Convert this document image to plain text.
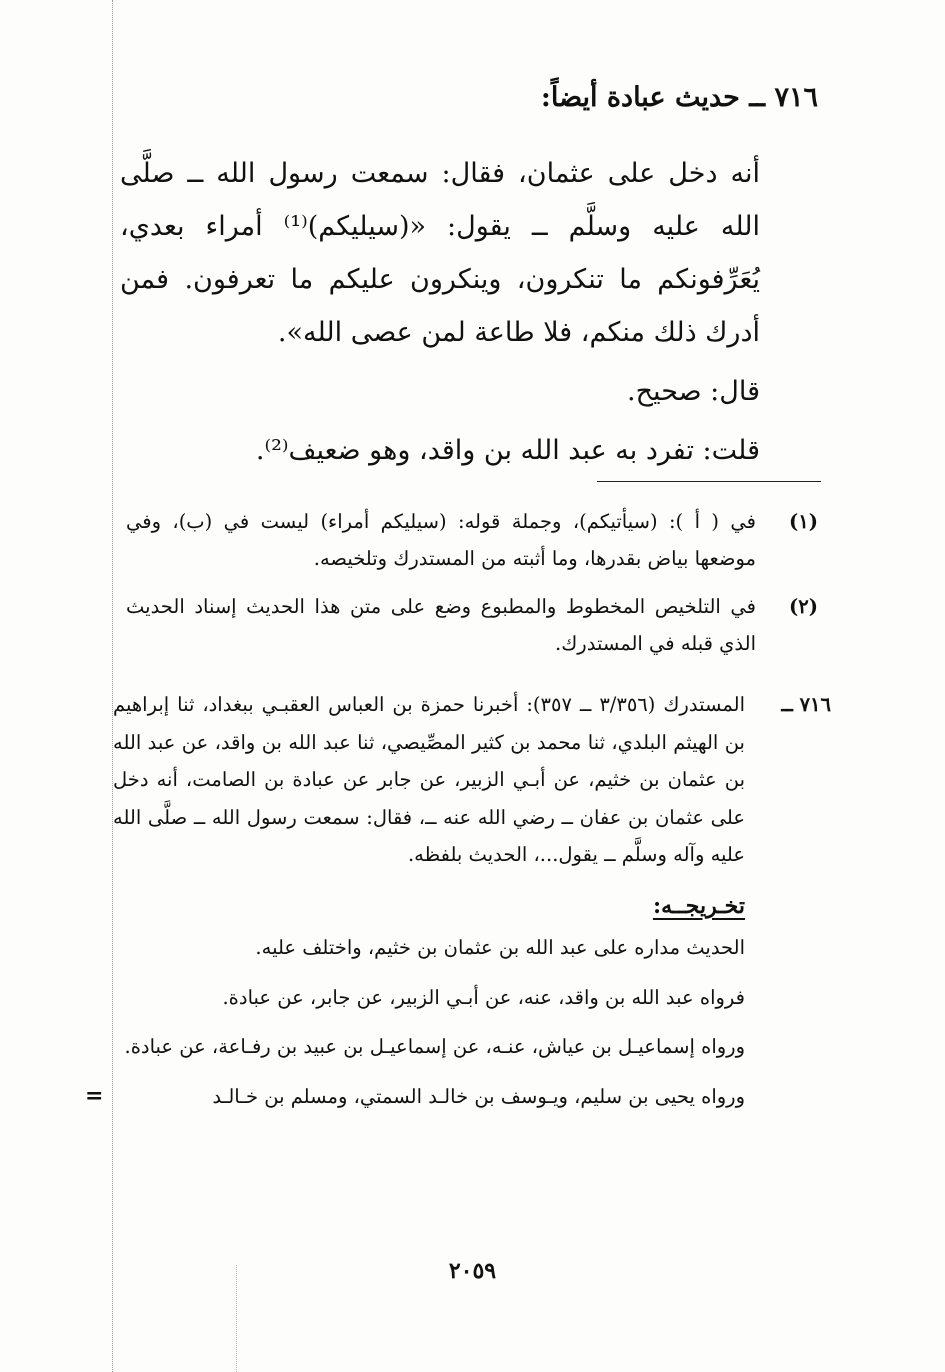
٧١٦ ــ حديث عبادة أيضاً:

أنه دخل على عثمان، فقال: سمعت رسول الله ــ صلَّى الله عليه وسلَّم ــ يقول: «(سيليكم)⁽¹⁾ أمراء بعدي، يُعَرِّفونكم ما تنكرون، وينكرون عليكم ما تعرفون. فمن أدرك ذلك منكم، فلا طاعة لمن عصى الله».

قال: صحيح.

قلت: تفرد به عبد الله بن واقد، وهو ضعيف⁽²⁾.

(١)
في ( أ ): (سيأتيكم)، وجملة قوله: (سيليكم أمراء) ليست في (ب)، وفي موضعها بياض بقدرها، وما أثبته من المستدرك وتلخيصه.
(٢)
في التلخيص المخطوط والمطبوع وضع على متن هذا الحديث إسناد الحديث الذي قبله في المستدرك.
٧١٦ ــ
المستدرك (٣/٣٥٦ ــ ٣٥٧): أخبرنا حمزة بن العباس العقبـي ببغداد، ثنا إبراهيم بن الهيثم البلدي، ثنا محمد بن كثير المصِّيصي، ثنا عبد الله بن واقد، عن عبد الله بن عثمان بن خثيم، عن أبـي الزبير، عن جابر عن عبادة بن الصامت، أنه دخل على عثمان بن عفان ــ رضي الله عنه ــ، فقال: سمعت رسول الله ــ صلَّى الله عليه وآله وسلَّم ــ يقول...، الحديث بلفظه.
تخـريجــه:
الحديث مداره على عبد الله بن عثمان بن خثيم، واختلف عليه.
فرواه عبد الله بن واقد، عنه، عن أبـي الزبير، عن جابر، عن عبادة.
ورواه إسماعيـل بن عياش، عنـه، عن إسماعيـل بن عبيد بن رفـاعة، عن عبادة.
ورواه يحيى بن سليم، ويـوسف بن خالـد السمتي، ومسلم بن خـالـد
=
٢٠٥٩
